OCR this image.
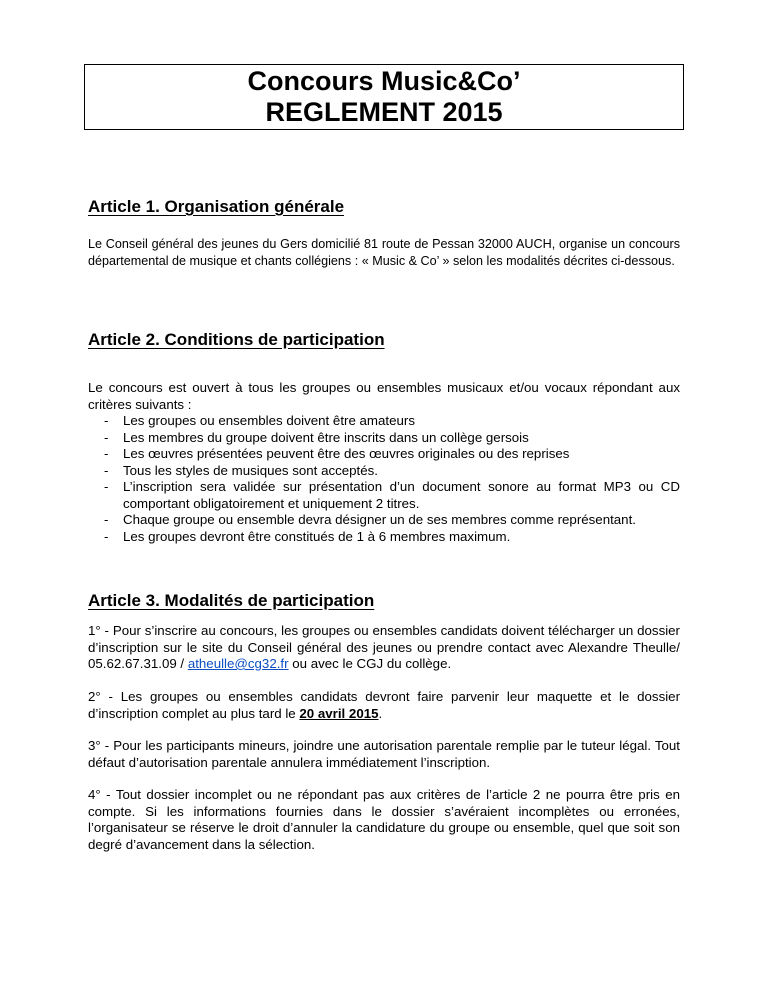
Concours Music&Co’
REGLEMENT 2015
Article 1. Organisation générale
Le Conseil général des jeunes du Gers domicilié 81 route de Pessan 32000 AUCH, organise un concours départemental de musique et chants collégiens : « Music & Co’ » selon les modalités décrites ci-dessous.
Article 2. Conditions de participation
Le concours est ouvert à tous les groupes ou ensembles musicaux et/ou vocaux répondant aux critères suivants :
- Les groupes ou ensembles doivent être amateurs
- Les membres du groupe doivent être inscrits dans un collège gersois
- Les œuvres présentées peuvent être des œuvres originales ou des reprises
- Tous les styles de musiques sont acceptés.
- L’inscription sera validée sur présentation d’un document sonore au format MP3 ou CD comportant obligatoirement et uniquement 2 titres.
- Chaque groupe ou ensemble devra désigner un de ses membres comme représentant.
- Les groupes devront être constitués de 1 à 6 membres maximum.
Article 3. Modalités de participation
1° - Pour s’inscrire au concours, les groupes ou ensembles candidats doivent télécharger un dossier d’inscription sur le site du Conseil général des jeunes ou prendre contact avec Alexandre Theulle/ 05.62.67.31.09 / atheulle@cg32.fr ou avec le CGJ du collège.
2° - Les groupes ou ensembles candidats devront faire parvenir leur maquette et le dossier d’inscription complet au plus tard le 20 avril 2015.
3° - Pour les participants mineurs, joindre une autorisation parentale remplie par le tuteur légal. Tout défaut d’autorisation parentale annulera immédiatement l’inscription.
4° - Tout dossier incomplet ou ne répondant pas aux critères de l’article 2 ne pourra être pris en compte. Si les informations fournies dans le dossier s’avéraient incomplètes ou erronées, l’organisateur se réserve le droit d’annuler la candidature du groupe ou ensemble, quel que soit son degré d’avancement dans la sélection.
